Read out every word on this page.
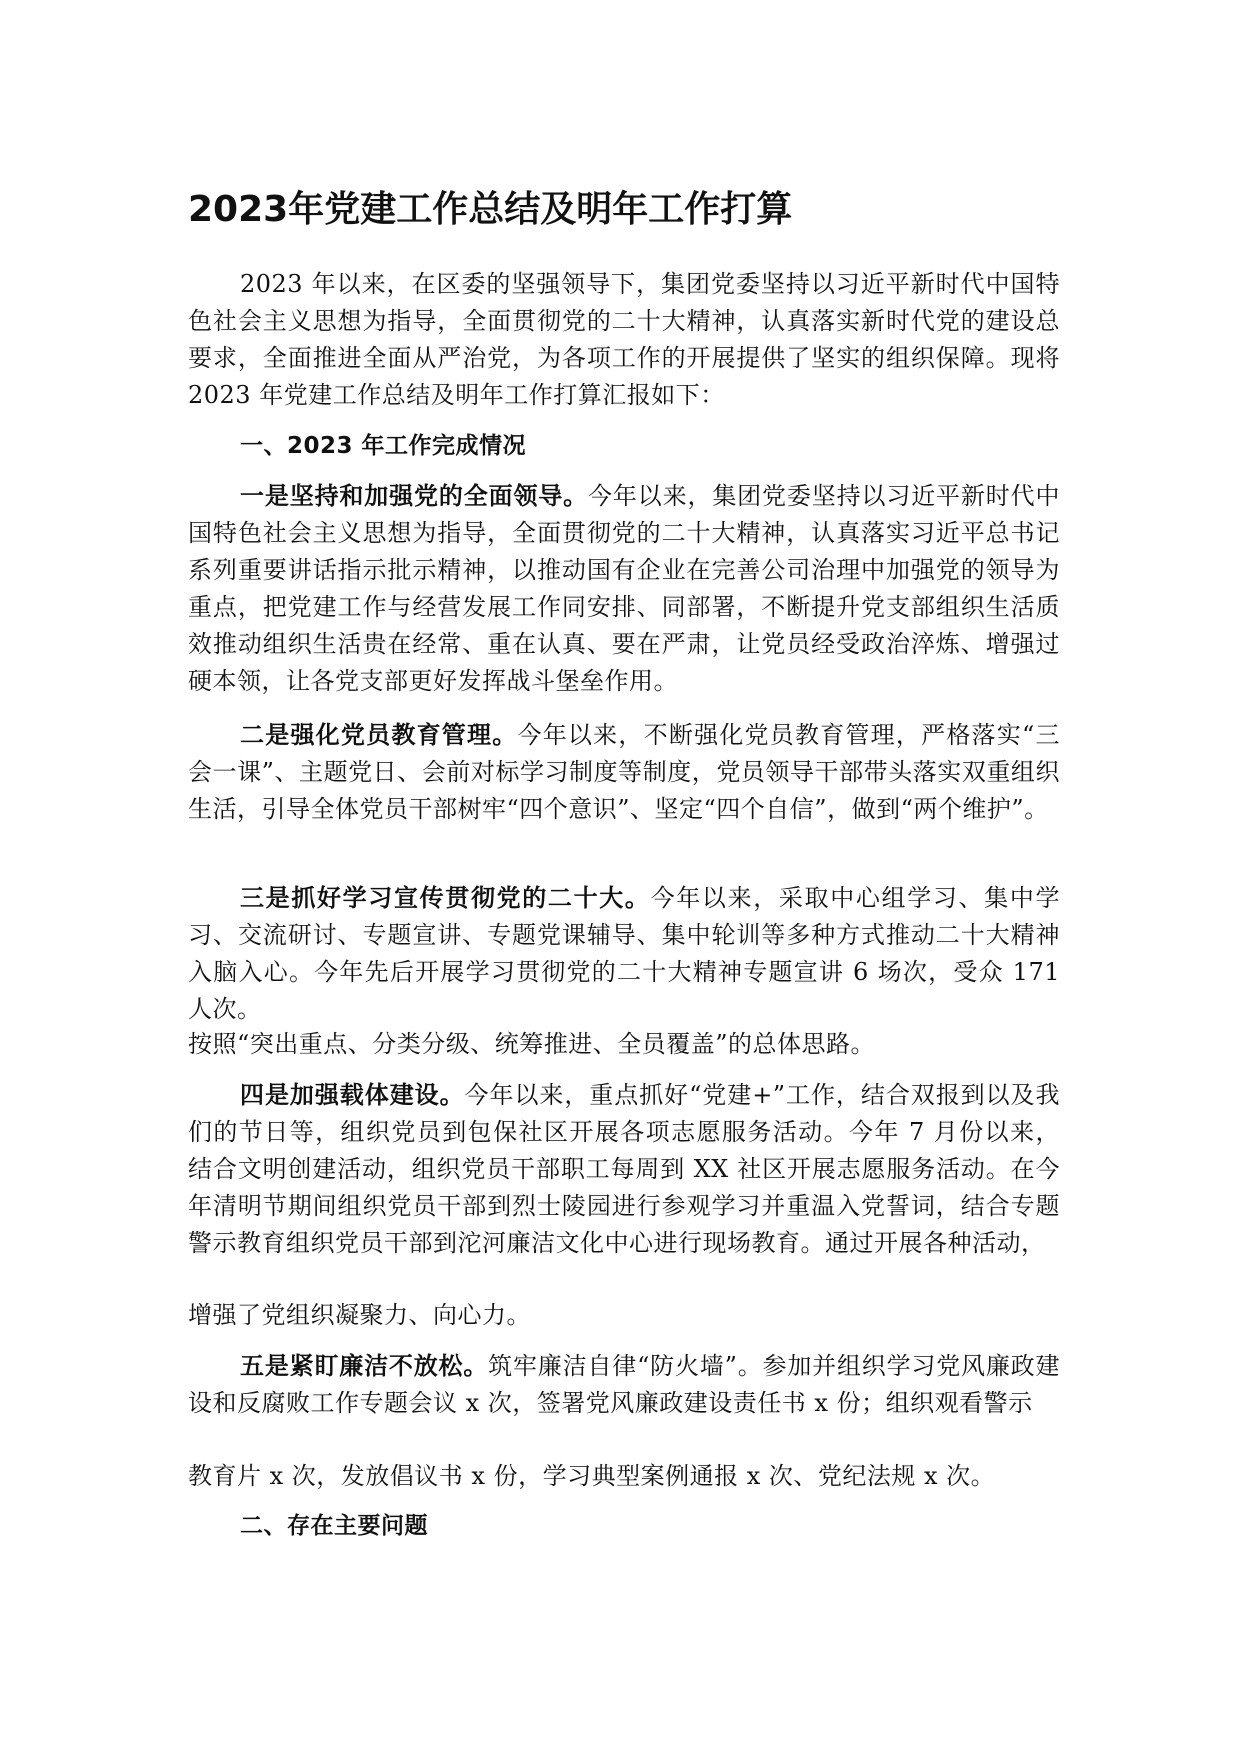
2023年党建工作总结及明年工作打算

2023 年以来，在区委的坚强领导下，集团党委坚持以习近平新时代中国特色社会主义思想为指导，全面贯彻党的二十大精神，认真落实新时代党的建设总要求，全面推进全面从严治党，为各项工作的开展提供了坚实的组织保障。现将 2023 年党建工作总结及明年工作打算汇报如下：

一、2023 年工作完成情况

一是坚持和加强党的全面领导。今年以来，集团党委坚持以习近平新时代中国特色社会主义思想为指导，全面贯彻党的二十大精神，认真落实习近平总书记系列重要讲话指示批示精神，以推动国有企业在完善公司治理中加强党的领导为重点，把党建工作与经营发展工作同安排、同部署，不断提升党支部组织生活质效推动组织生活贵在经常、重在认真、要在严肃，让党员经受政治淬炼、增强过硬本领，让各党支部更好发挥战斗堡垒作用。

二是强化党员教育管理。今年以来，不断强化党员教育管理，严格落实“三会一课”、主题党日、会前对标学习制度等制度，党员领导干部带头落实双重组织生活，引导全体党员干部树牢“四个意识”、坚定“四个自信”，做到“两个维护”。

三是抓好学习宣传贯彻党的二十大。今年以来，采取中心组学习、集中学习、交流研讨、专题宣讲、专题党课辅导、集中轮训等多种方式推动二十大精神入脑入心。今年先后开展学习贯彻党的二十大精神专题宣讲 6 场次，受众 171 人次。

按照“突出重点、分类分级、统筹推进、全员覆盖”的总体思路。

四是加强载体建设。今年以来，重点抓好“党建+”工作，结合双报到以及我们的节日等，组织党员到包保社区开展各项志愿服务活动。今年 7 月份以来， 结合文明创建活动，组织党员干部职工每周到 XX 社区开展志愿服务活动。在今 年清明节期间组织党员干部到烈士陵园进行参观学习并重温入党誓词，结合专题 警示教育组织党员干部到沱河廉洁文化中心进行现场教育。通过开展各种活动，

增强了党组织凝聚力、向心力。

五是紧盯廉洁不放松。筑牢廉洁自律“防火墙”。参加并组织学习党风廉政建设和反腐败工作专题会议 x 次，签署党风廉政建设责任书 x 份；组织观看警示

教育片 x 次，发放倡议书 x 份，学习典型案例通报 x 次、党纪法规 x 次。

二、存在主要问题
